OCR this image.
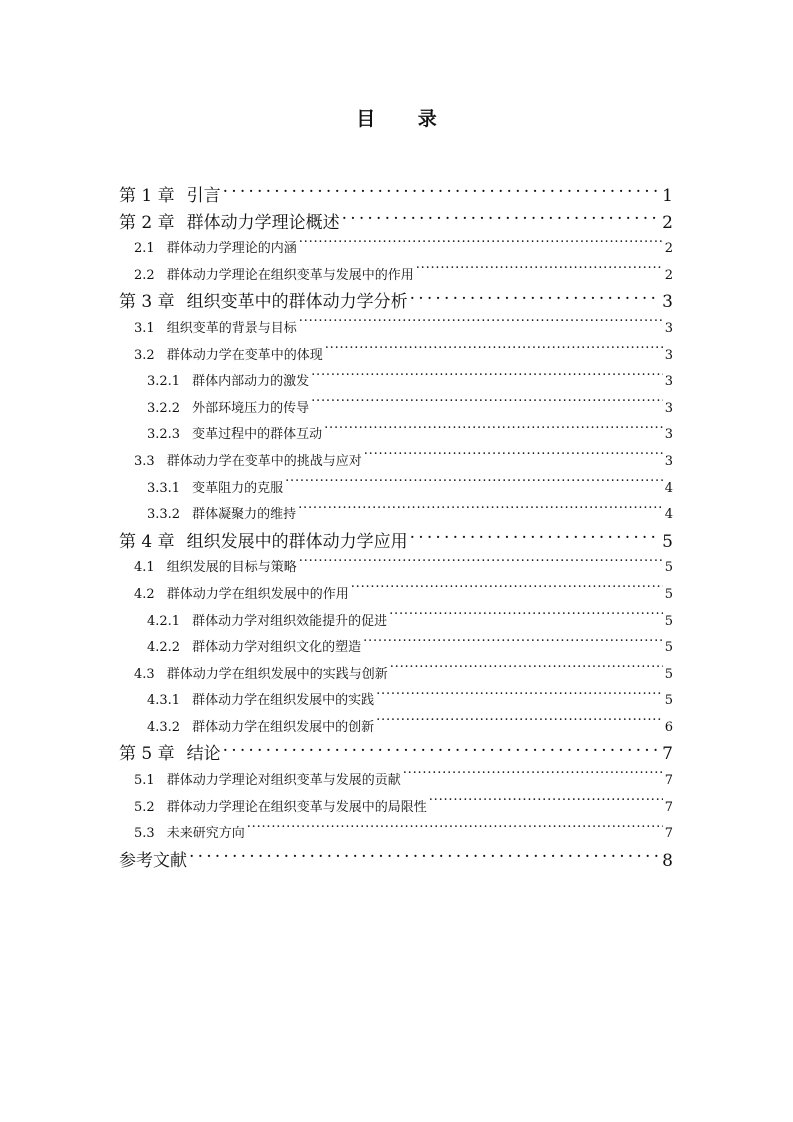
目 录
第 1 章 引言 .....	1
第 2 章 群体动力学理论概述 .....	2
2.1 群体动力学理论的内涵 .....	2
2.2 群体动力学理论在组织变革与发展中的作用 .....	2
第 3 章 组织变革中的群体动力学分析 .....	3
3.1 组织变革的背景与目标 .....	3
3.2 群体动力学在变革中的体现 .....	3
3.2.1 群体内部动力的激发 .....	3
3.2.2 外部环境压力的传导 .....	3
3.2.3 变革过程中的群体互动 .....	3
3.3 群体动力学在变革中的挑战与应对 .....	3
3.3.1 变革阻力的克服 .....	4
3.3.2 群体凝聚力的维持 .....	4
第 4 章 组织发展中的群体动力学应用 .....	5
4.1 组织发展的目标与策略 .....	5
4.2 群体动力学在组织发展中的作用 .....	5
4.2.1 群体动力学对组织效能提升的促进 .....	5
4.2.2 群体动力学对组织文化的塑造 .....	5
4.3 群体动力学在组织发展中的实践与创新 .....	5
4.3.1 群体动力学在组织发展中的实践 .....	5
4.3.2 群体动力学在组织发展中的创新 .....	6
第 5 章 结论 .....	7
5.1 群体动力学理论对组织变革与发展的贡献 .....	7
5.2 群体动力学理论在组织变革与发展中的局限性 .....	7
5.3 未来研究方向 .....	7
参考文献 .....	8
